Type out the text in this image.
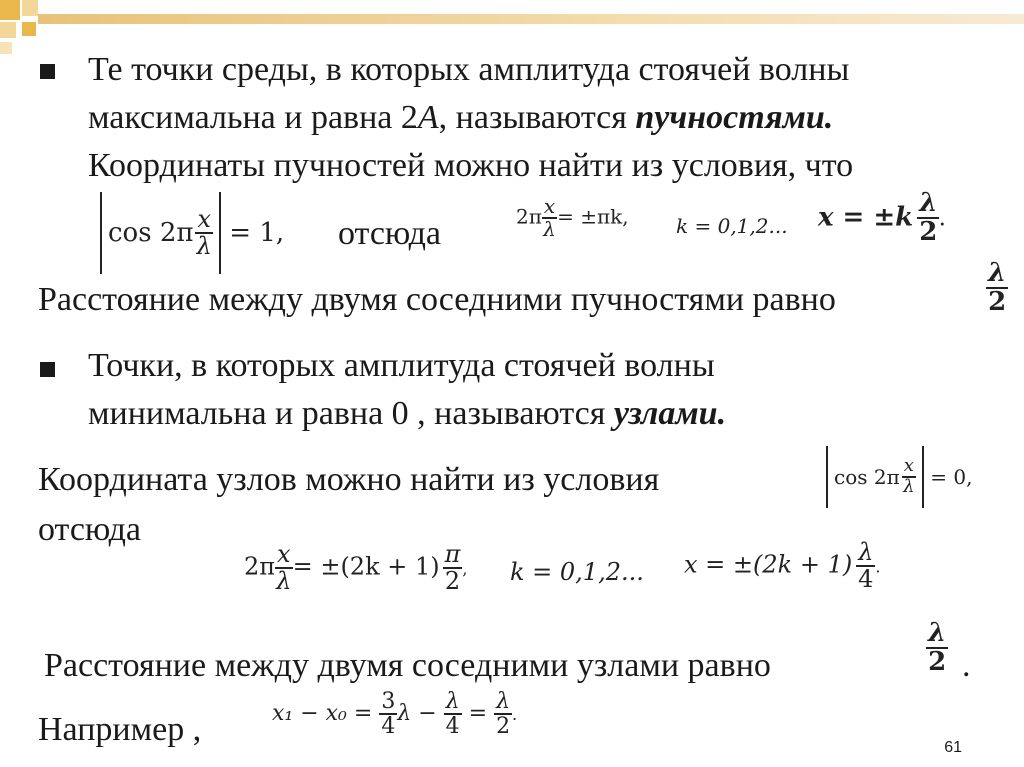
Те точки среды, в которых амплитуда стоячей волны
максимальна и равна 2A, называются пучностями.
Координаты пучностей можно найти из условия, что
$\cos 2\pi \frac{x}{\lambda} = 1$, отсюда	$2\pi \frac{x}{\lambda} = \pm\pi k$, k = 0,1,2... $x = \pm k \frac{\lambda}{2}$ .
Расстояние между двумя соседними пучностями равно	$\frac{\lambda}{2}$
Точки, в которых амплитуда стоячей волны
минимальна и равна 0 , называются узлами.
Координата узлов можно найти из условия	$\cos 2\pi \frac{x}{\lambda} = 0$,
отсюда
$2\pi \frac{x}{\lambda} = \pm(2k + 1) \frac{\pi}{2}$ , k = 0,1,2... $x = \pm(2k + 1) \frac{\lambda}{4}$ .
Расстояние между двумя соседними узлами равно	$\frac{\lambda}{2}$ .
Например ,	$x_1 - x_0 = \frac{3}{4}$ $\lambda - \frac{\lambda}{4} = \frac{\lambda}{2}$ .
61
